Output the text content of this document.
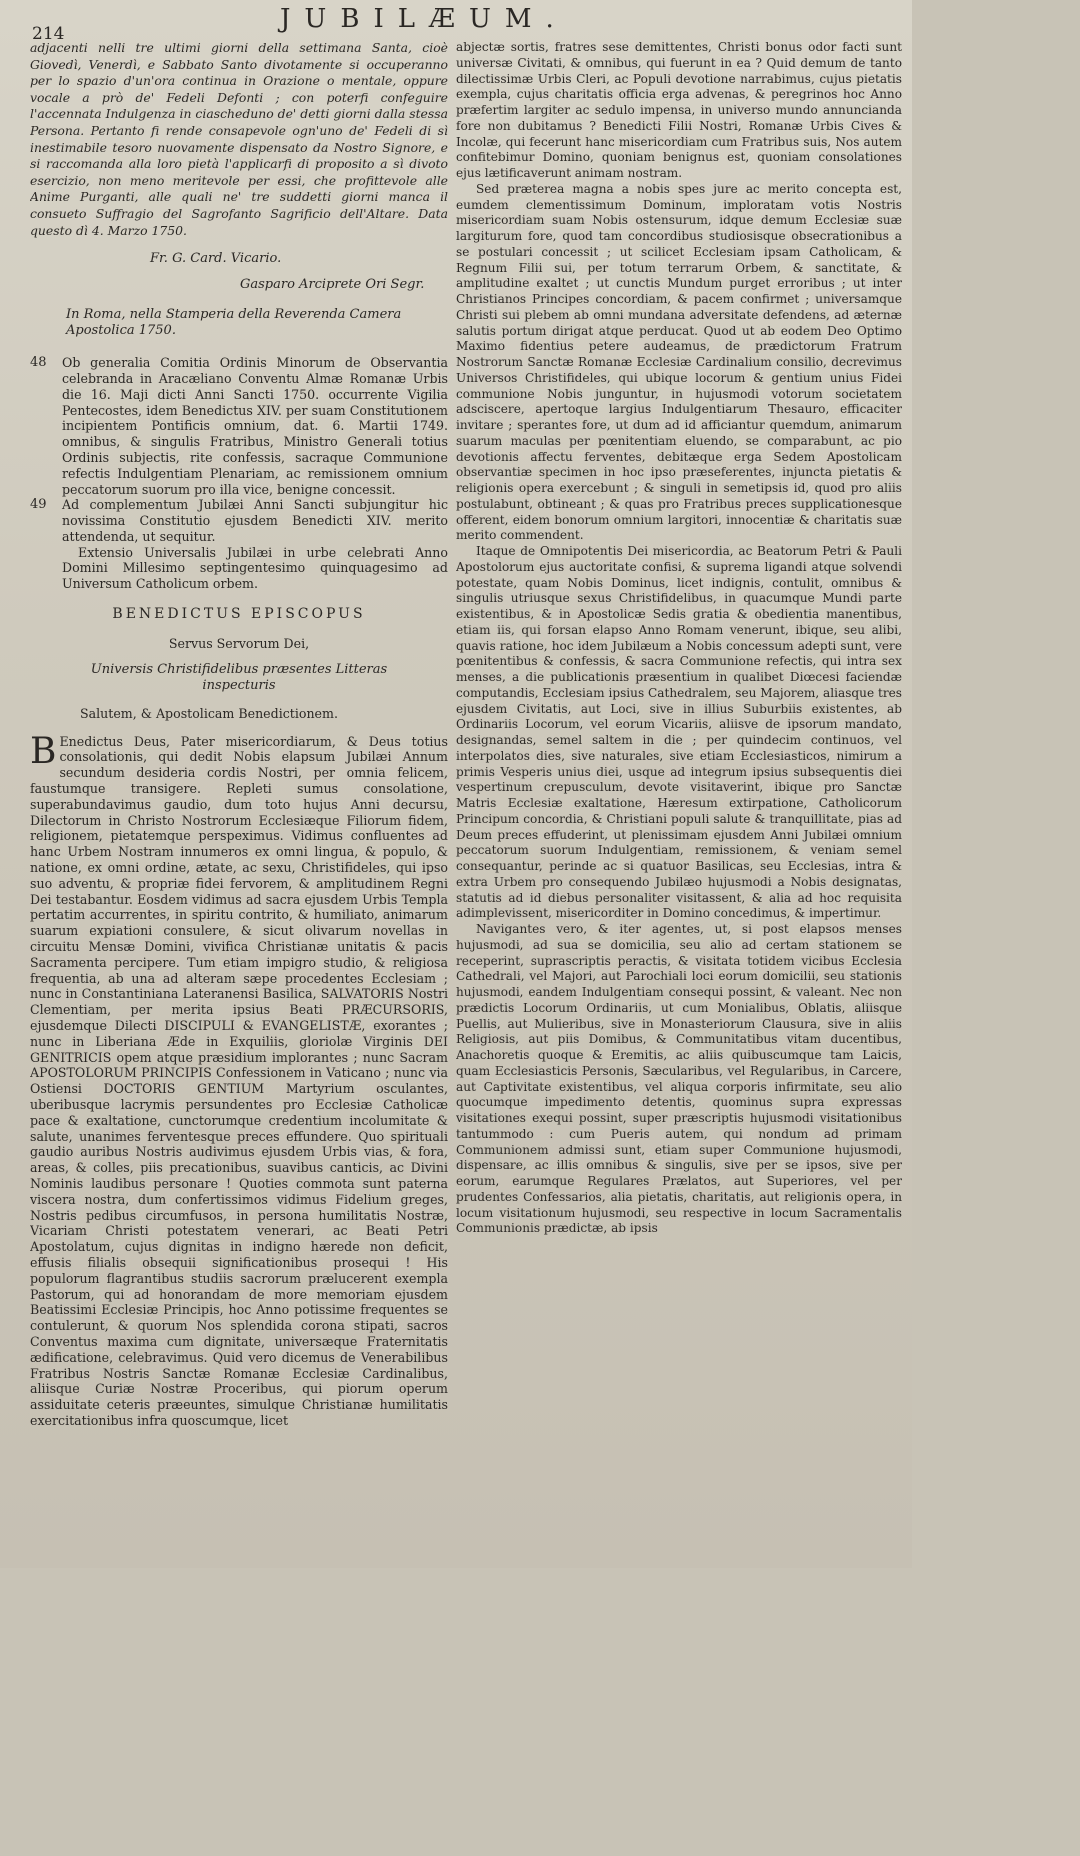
214	JUBILÆUM.

adjacenti nelli tre ultimi giorni della settimana Santa, cioè Giovedì, Venerdì, e Sabbato Santo divotamente si occuperanno per lo spazio d'un'ora continua in Orazione o mentale, oppure vocale a prò de' Fedeli Defonti ; con poterfi confeguire l'accennata Indulgenza in ciascheduno de' detti giorni dalla stessa Persona. Pertanto fi rende consapevole ogn'uno de' Fedeli di sì inestimabile tesoro nuovamente dispensato da Nostro Signore, e si raccomanda alla loro pietà l'applicarfi di proposito a sì divoto esercizio, non meno meritevole per essi, che profittevole alle Anime Purganti, alle quali ne' tre suddetti giorni manca il consueto Suffragio del Sagrofanto Sagrificio dell'Altare. Data questo dì 4. Marzo 1750.

Fr. G. Card. Vicario.

Gasparo Arciprete Ori Segr.

In Roma, nella Stamperia della Reverenda Camera Apostolica 1750.

48 Ob generalia Comitia Ordinis Minorum de Observantia celebranda in Aracæliano Conventu Almæ Romanæ Urbis die 16. Maji dicti Anni Sancti 1750. occurrente Vigilia Pentecostes, idem Benedictus XIV. per suam Constitutionem incipientem Pontificis omnium, dat. 6. Martii 1749. omnibus, & singulis Fratribus, Ministro Generali totius Ordinis subjectis, rite confessis, sacraque Communione refectis Indulgentiam Plenariam, ac remissionem omnium peccatorum suorum pro illa vice, benigne concessit.

49 Ad complementum Jubilæi Anni Sancti subjungitur hic novissima Constitutio ejusdem Benedicti XIV. merito attendenda, ut sequitur.

Extensio Universalis Jubilæi in urbe celebrati Anno Domini Millesimo septingentesimo quinquagesimo ad Universum Catholicum orbem.

BENEDICTUS EPISCOPUS

Servus Servorum Dei,

Universis Christifidelibus præsentes Litteras inspecturis

Salutem, & Apostolicam Benedictionem.

B Enedictus Deus, Pater misericordiarum, & Deus totius consolationis, qui dedit Nobis elapsum Jubilæi Annum secundum desideria cordis Nostri, per omnia felicem, faustumque transigere. Repleti sumus consolatione, superabundavimus gaudio, dum toto hujus Anni decursu, Dilectorum in Christo Nostrorum Ecclesiæque Filiorum fidem, religionem, pietatemque perspeximus. Vidimus confluentes ad hanc Urbem Nostram innumeros ex omni lingua, & populo, & natione, ex omni ordine, ætate, ac sexu, Christifideles, qui ipso suo adventu, & propriæ fidei fervorem, & amplitudinem Regni Dei testabantur. Eosdem vidimus ad sacra ejusdem Urbis Templa pertatim accurrentes, in spiritu contrito, & humiliato, animarum suarum expiationi consulere, & sicut olivarum novellas in circuitu Mensæ Domini, vivifica Christianæ unitatis & pacis Sacramenta percipere. Tum etiam impigro studio, & religiosa frequentia, ab una ad alteram sæpe procedentes Ecclesiam ; nunc in Constantiniana Lateranensi Basilica, SALVATORIS Nostri Clementiam, per merita ipsius Beati PRÆCURSORIS, ejusdemque Dilecti DISCIPULI & EVANGELISTÆ, exorantes ; nunc in Liberiana Æde in Exquiliis, gloriolæ Virginis DEI GENITRICIS opem atque præsidium implorantes ; nunc Sacram APOSTOLORUM PRINCIPIS Confessionem in Vaticano ; nunc via Ostiensi DOCTORIS GENTIUM Martyrium osculantes, uberibusque lacrymis persundentes pro Ecclesiæ Catholicæ pace & exaltatione, cunctorumque credentium incolumitate & salute, unanimes ferventesque preces effundere. Quo spirituali gaudio auribus Nostris audivimus ejusdem Urbis vias, & fora, areas, & colles, piis precationibus, suavibus canticis, ac Divini Nominis laudibus personare ! Quoties commota sunt paterna viscera nostra, dum confertissimos vidimus Fidelium greges, Nostris pedibus circumfusos, in persona humilitatis Nostræ, Vicariam Christi potestatem venerari, ac Beati Petri Apostolatum, cujus dignitas in indigno hærede non deficit, effusis filialis obsequii significationibus prosequi ! His populorum flagrantibus studiis sacrorum prælucerent exempla Pastorum, qui ad honorandam de more memoriam ejusdem Beatissimi Ecclesiæ Principis, hoc Anno potissime frequentes se contulerunt, & quorum Nos splendida corona stipati, sacros Conventus maxima cum dignitate, universæque Fraternitatis ædificatione, celebravimus. Quid vero dicemus de Venerabilibus Fratribus Nostris Sanctæ Romanæ Ecclesiæ Cardinalibus, aliisque Curiæ Nostræ Proceribus, qui piorum operum assiduitate ceteris præeuntes, simulque Christianæ humilitatis exercitationibus infra quoscumque, licet

abjectæ sortis, fratres sese demittentes, Christi bonus odor facti sunt universæ Civitati, & omnibus, qui fuerunt in ea ? Quid demum de tanto dilectissimæ Urbis Cleri, ac Populi devotione narrabimus, cujus pietatis exempla, cujus charitatis officia erga advenas, & peregrinos hoc Anno præfertim largiter ac sedulo impensa, in universo mundo annuncianda fore non dubitamus ? Benedicti Filii Nostri, Romanæ Urbis Cives & Incolæ, qui fecerunt hanc misericordiam cum Fratribus suis, Nos autem confitebimur Domino, quoniam benignus est, quoniam consolationes ejus lætificaverunt animam nostram.

Sed præterea magna a nobis spes jure ac merito concepta est, eumdem clementissimum Dominum, imploratam votis Nostris misericordiam suam Nobis ostensurum, idque demum Ecclesiæ suæ largiturum fore, quod tam concordibus studiosisque obsecrationibus a se postulari concessit ; ut scilicet Ecclesiam ipsam Catholicam, & Regnum Filii sui, per totum terrarum Orbem, & sanctitate, & amplitudine exaltet ; ut cunctis Mundum purget erroribus ; ut inter Christianos Principes concordiam, & pacem confirmet ; universamque Christi sui plebem ab omni mundana adversitate defendens, ad æternæ salutis portum dirigat atque perducat. Quod ut ab eodem Deo Optimo Maximo fidentius petere audeamus, de prædictorum Fratrum Nostrorum Sanctæ Romanæ Ecclesiæ Cardinalium consilio, decrevimus Universos Christifideles, qui ubique locorum & gentium unius Fidei communione Nobis junguntur, in hujusmodi votorum societatem adsciscere, apertoque largius Indulgentiarum Thesauro, efficaciter invitare ; sperantes fore, ut dum ad id afficiantur quemdum, animarum suarum maculas per pœnitentiam eluendo, se comparabunt, ac pio devotionis affectu ferventes, debitæque erga Sedem Apostolicam observantiæ specimen in hoc ipso præseferentes, injuncta pietatis & religionis opera exercebunt ; & singuli in semetipsis id, quod pro aliis postulabunt, obtineant ; & quas pro Fratribus preces supplicationesque offerent, eidem bonorum omnium largitori, innocentiæ & charitatis suæ merito commendent.

Itaque de Omnipotentis Dei misericordia, ac Beatorum Petri & Pauli Apostolorum ejus auctoritate confisi, & suprema ligandi atque solvendi potestate, quam Nobis Dominus, licet indignis, contulit, omnibus & singulis utriusque sexus Christifidelibus, in quacumque Mundi parte existentibus, & in Apostolicæ Sedis gratia & obedientia manentibus, etiam iis, qui forsan elapso Anno Romam venerunt, ibique, seu alibi, quavis ratione, hoc idem Jubilæum a Nobis concessum adepti sunt, vere pœnitentibus & confessis, & sacra Communione refectis, qui intra sex menses, a die publicationis præsentium in qualibet Diœcesi faciendæ computandis, Ecclesiam ipsius Cathedralem, seu Majorem, aliasque tres ejusdem Civitatis, aut Loci, sive in illius Suburbiis existentes, ab Ordinariis Locorum, vel eorum Vicariis, aliisve de ipsorum mandato, designandas, semel saltem in die ; per quindecim continuos, vel interpolatos dies, sive naturales, sive etiam Ecclesiasticos, nimirum a primis Vesperis unius diei, usque ad integrum ipsius subsequentis diei vespertinum crepusculum, devote visitaverint, ibique pro Sanctæ Matris Ecclesiæ exaltatione, Hæresum extirpatione, Catholicorum Principum concordia, & Christiani populi salute & tranquillitate, pias ad Deum preces effuderint, ut plenissimam ejusdem Anni Jubilæi omnium peccatorum suorum Indulgentiam, remissionem, & veniam semel consequantur, perinde ac si quatuor Basilicas, seu Ecclesias, intra & extra Urbem pro consequendo Jubilæo hujusmodi a Nobis designatas, statutis ad id diebus personaliter visitassent, & alia ad hoc requisita adimplevissent, misericorditer in Domino concedimus, & impertimur.

Navigantes vero, & iter agentes, ut, si post elapsos menses hujusmodi, ad sua se domicilia, seu alio ad certam stationem se receperint, suprascriptis peractis, & visitata totidem vicibus Ecclesia Cathedrali, vel Majori, aut Parochiali loci eorum domicilii, seu stationis hujusmodi, eandem Indulgentiam consequi possint, & valeant. Nec non prædictis Locorum Ordinariis, ut cum Monialibus, Oblatis, aliisque Puellis, aut Mulieribus, sive in Monasteriorum Clausura, sive in aliis Religiosis, aut piis Domibus, & Communitatibus vitam ducentibus, Anachoretis quoque & Eremitis, ac aliis quibuscumque tam Laicis, quam Ecclesiasticis Personis, Sæcularibus, vel Regularibus, in Carcere, aut Captivitate existentibus, vel aliqua corporis infirmitate, seu alio quocumque impedimento detentis, quominus supra expressas visitationes exequi possint, super præscriptis hujusmodi visitationibus tantummodo : cum Pueris autem, qui nondum ad primam Communionem admissi sunt, etiam super Communione hujusmodi, dispensare, ac illis omnibus & singulis, sive per se ipsos, sive per eorum, earumque Regulares Prælatos, aut Superiores, vel per prudentes Confessarios, alia pietatis, charitatis, aut religionis opera, in locum visitationum hujusmodi, seu respective in locum Sacramentalis Communionis prædictæ, ab ipsis
